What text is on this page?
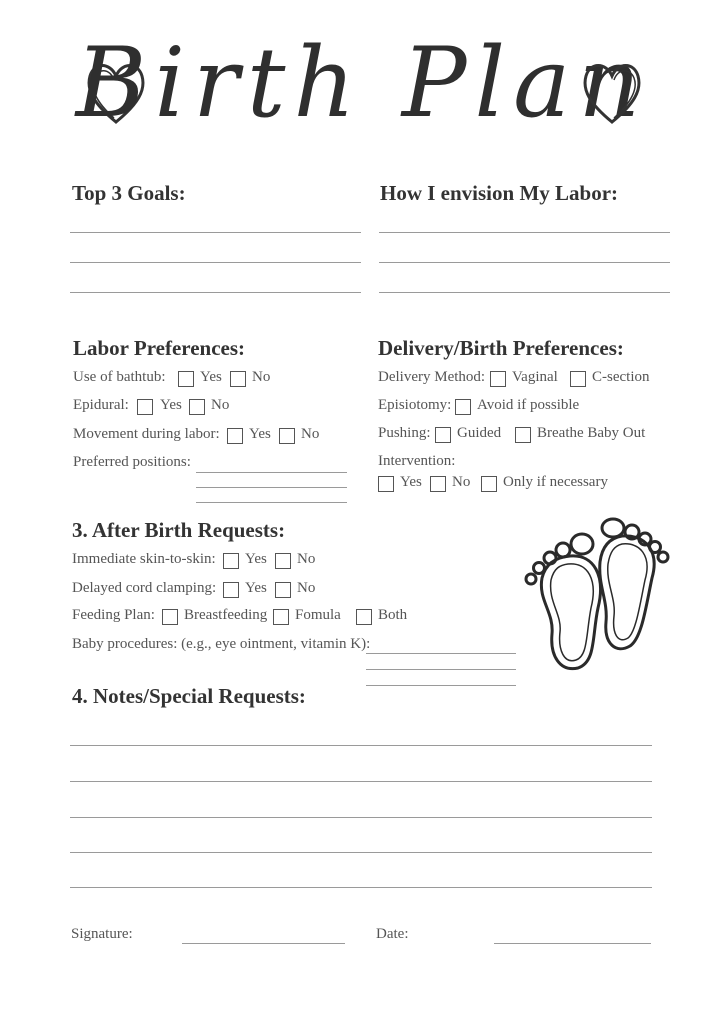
Birth Plan
Top 3 Goals:	How I envision My Labor:
Labor Preferences:
Use of bathtub: Yes No
Epidural: Yes No
Movement during labor: Yes No
Preferred positions:
Delivery/Birth Preferences:
Delivery Method: Vaginal C-section
Episiotomy: Avoid if possible
Pushing: Guided Breathe Baby Out
Intervention:
Yes No Only if necessary
3. After Birth Requests:
Immediate skin-to-skin: Yes No
Delayed cord clamping: Yes No
Feeding Plan: Breastfeeding Fomula Both
Baby procedures: (e.g., eye ointment, vitamin K):
4. Notes/Special Requests:
Signature:	Date:
